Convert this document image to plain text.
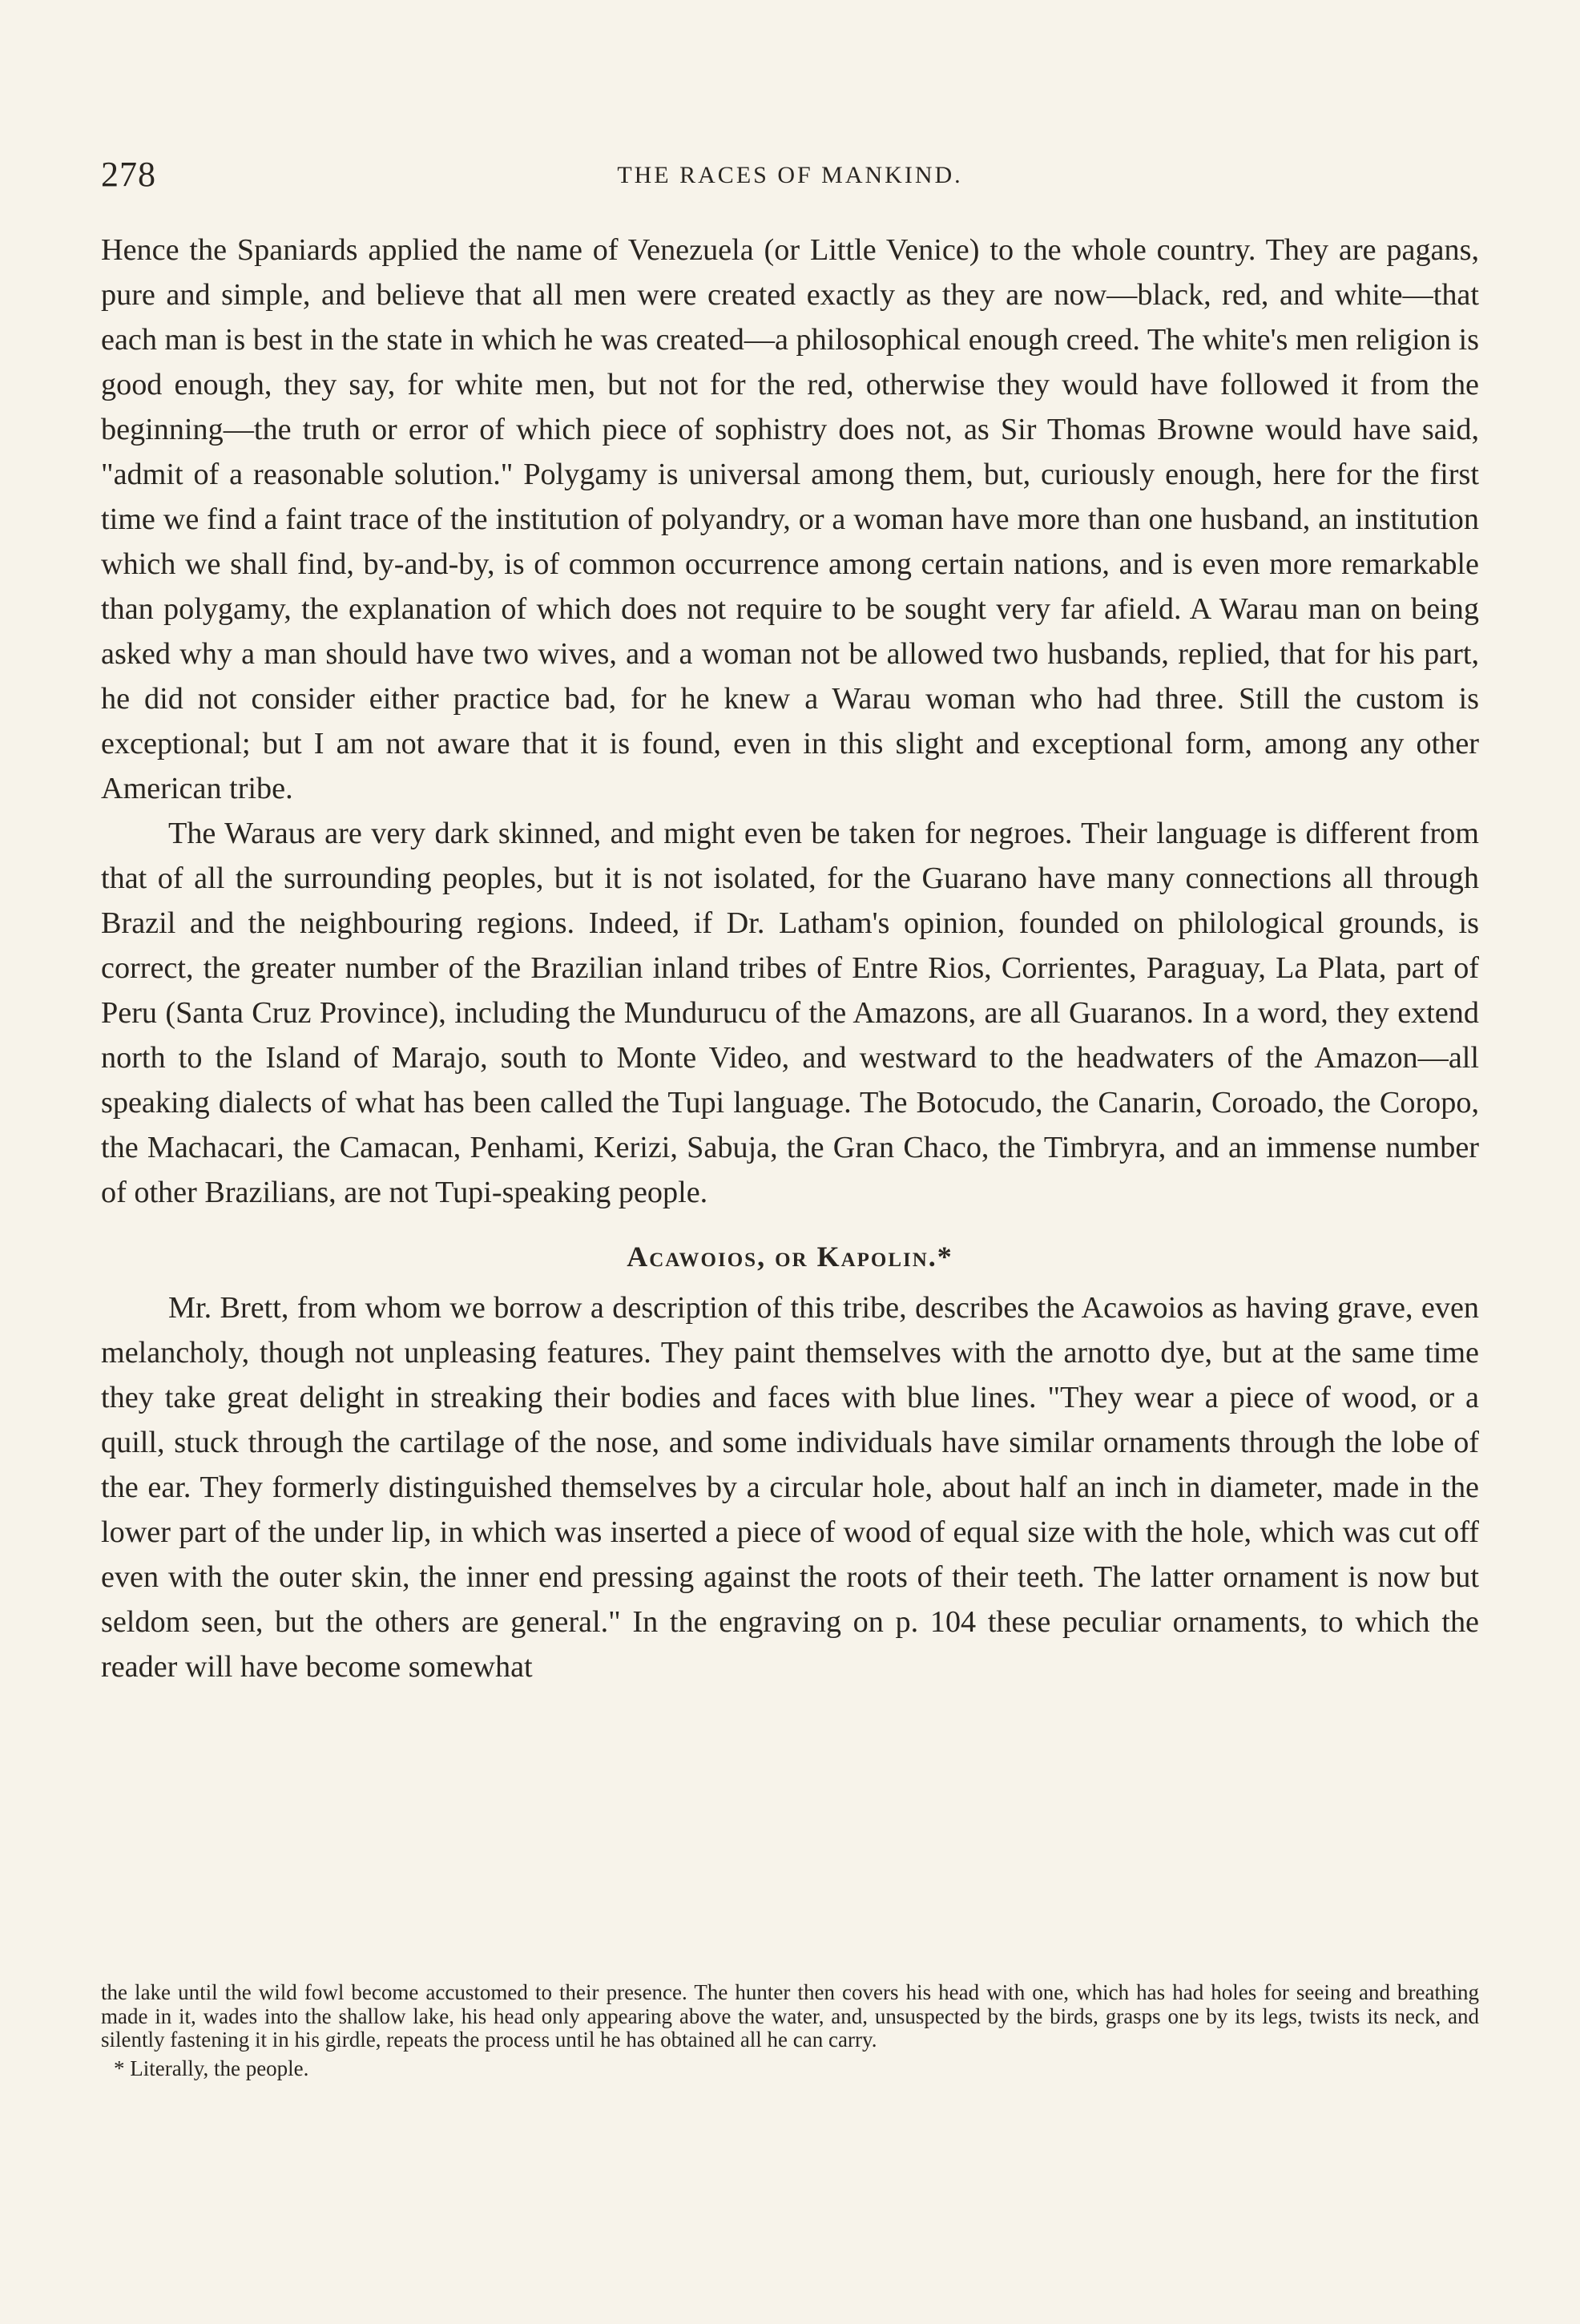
278	THE RACES OF MANKIND.

Hence the Spaniards applied the name of Venezuela (or Little Venice) to the whole country. They are pagans, pure and simple, and believe that all men were created exactly as they are now—black, red, and white—that each man is best in the state in which he was created—a philosophical enough creed. The white's men religion is good enough, they say, for white men, but not for the red, otherwise they would have followed it from the beginning—the truth or error of which piece of sophistry does not, as Sir Thomas Browne would have said, "admit of a reasonable solution." Polygamy is universal among them, but, curiously enough, here for the first time we find a faint trace of the institution of polyandry, or a woman have more than one husband, an institution which we shall find, by-and-by, is of common occurrence among certain nations, and is even more remarkable than polygamy, the explanation of which does not require to be sought very far afield. A Warau man on being asked why a man should have two wives, and a woman not be allowed two husbands, replied, that for his part, he did not consider either practice bad, for he knew a Warau woman who had three. Still the custom is exceptional; but I am not aware that it is found, even in this slight and exceptional form, among any other American tribe.

The Waraus are very dark skinned, and might even be taken for negroes. Their language is different from that of all the surrounding peoples, but it is not isolated, for the Guarano have many connections all through Brazil and the neighbouring regions. Indeed, if Dr. Latham's opinion, founded on philological grounds, is correct, the greater number of the Brazilian inland tribes of Entre Rios, Corrientes, Paraguay, La Plata, part of Peru (Santa Cruz Province), including the Munduruсu of the Amazons, are all Guaranos. In a word, they extend north to the Island of Marajo, south to Monte Video, and westward to the headwaters of the Amazon—all speaking dialects of what has been called the Tupi language. The Botocudo, the Canarin, Coroado, the Coropo, the Machacari, the Camacan, Penhami, Kerizi, Sabuja, the Gran Chaco, the Timbryra, and an immense number of other Brazilians, are not Tupi-speaking people.

Acawoios, or Kapolin.*

Mr. Brett, from whom we borrow a description of this tribe, describes the Acawoios as having grave, even melancholy, though not unpleasing features. They paint themselves with the arnotto dye, but at the same time they take great delight in streaking their bodies and faces with blue lines. "They wear a piece of wood, or a quill, stuck through the cartilage of the nose, and some individuals have similar ornaments through the lobe of the ear. They formerly distinguished themselves by a circular hole, about half an inch in diameter, made in the lower part of the under lip, in which was inserted a piece of wood of equal size with the hole, which was cut off even with the outer skin, the inner end pressing against the roots of their teeth. The latter ornament is now but seldom seen, but the others are general." In the engraving on p. 104 these peculiar ornaments, to which the reader will have become somewhat

the lake until the wild fowl become accustomed to their presence. The hunter then covers his head with one, which has had holes for seeing and breathing made in it, wades into the shallow lake, his head only appearing above the water, and, unsuspected by the birds, grasps one by its legs, twists its neck, and silently fastening it in his girdle, repeats the process until he has obtained all he can carry.

* Literally, the people.
